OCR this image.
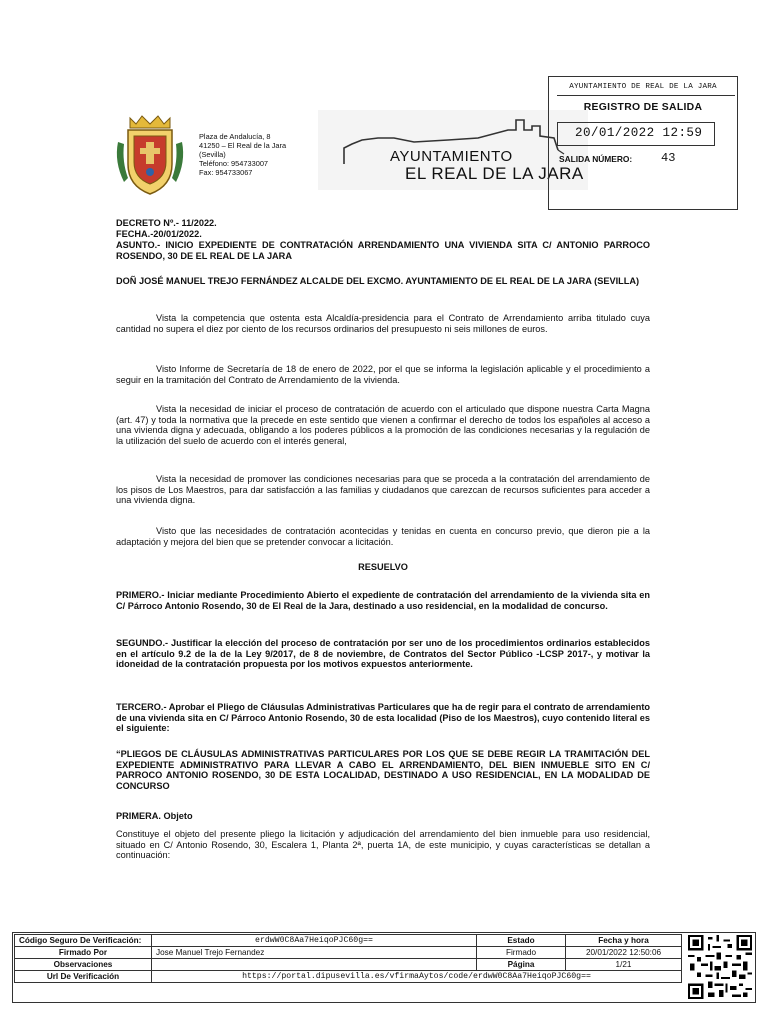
Plaza de Andalucía, 8
41250 – El Real de la Jara
(Sevilla)
Teléfono: 954733007
Fax: 954733067
AYUNTAMIENTO
EL REAL DE LA JARA
AYUNTAMIENTO DE REAL DE LA JARA
REGISTRO DE SALIDA
20/01/2022 12:59
SALIDA NÚMERO: 43
DECRETO Nº.- 11/2022.
FECHA.-20/01/2022.
ASUNTO.- INICIO EXPEDIENTE DE CONTRATACIÓN ARRENDAMIENTO UNA VIVIENDA SITA C/ ANTONIO PARROCO ROSENDO, 30 DE EL REAL DE LA JARA
DOÑ JOSÉ MANUEL TREJO FERNÁNDEZ ALCALDE DEL EXCMO. AYUNTAMIENTO DE EL REAL DE LA JARA (SEVILLA)
Vista la competencia que ostenta esta Alcaldía-presidencia para el Contrato de Arrendamiento arriba titulado cuya cantidad no supera el diez por ciento de los recursos ordinarios del presupuesto ni seis millones de euros.
Visto Informe de Secretaría de 18 de enero de 2022, por el que se informa la legislación aplicable y el procedimiento a seguir en la tramitación del Contrato de Arrendamiento de la vivienda.
Vista la necesidad de iniciar el proceso de contratación de acuerdo con el articulado que dispone nuestra Carta Magna (art. 47) y toda la normativa que la precede en este sentido que vienen a confirmar el derecho de todos los españoles al acceso a una vivienda digna y adecuada, obligando a los poderes públicos a la promoción de las condiciones necesarias y la regulación de la utilización del suelo de acuerdo con el interés general,
Vista la necesidad de promover las condiciones necesarias para que se proceda a la contratación del arrendamiento de los pisos de Los Maestros, para dar satisfacción a las familias y ciudadanos que carezcan de recursos suficientes para acceder a una vivienda digna.
Visto que las necesidades de contratación acontecidas y tenidas en cuenta en concurso previo, que dieron pie a la adaptación y mejora del bien que se pretender convocar a licitación.
RESUELVO
PRIMERO.- Iniciar mediante Procedimiento Abierto el expediente de contratación del arrendamiento de la vivienda sita en C/ Párroco Antonio Rosendo, 30 de El Real de la Jara, destinado a uso residencial, en la modalidad de concurso.
SEGUNDO.- Justificar la elección del proceso de contratación por ser uno de los procedimientos ordinarios establecidos en el artículo 9.2 de la de la Ley 9/2017, de 8 de noviembre, de Contratos del Sector Público -LCSP 2017-, y motivar la idoneidad de la contratación propuesta por los motivos expuestos anteriormente.
TERCERO.- Aprobar el Pliego de Cláusulas Administrativas Particulares que ha de regir para el contrato de arrendamiento de una vivienda sita en C/ Párroco Antonio Rosendo, 30 de esta localidad (Piso de los Maestros), cuyo contenido literal es el siguiente:
“PLIEGOS DE CLÁUSULAS ADMINISTRATIVAS PARTICULARES POR LOS QUE SE DEBE REGIR LA TRAMITACIÓN DEL EXPEDIENTE ADMINISTRATIVO PARA LLEVAR A CABO EL ARRENDAMIENTO, DEL BIEN INMUEBLE SITO EN C/ PARROCO ANTONIO ROSENDO, 30 DE ESTA LOCALIDAD, DESTINADO A USO RESIDENCIAL, EN LA MODALIDAD DE CONCURSO
PRIMERA. Objeto
Constituye el objeto del presente pliego la licitación y adjudicación del arrendamiento del bien inmueble para uso residencial, situado en C/ Antonio Rosendo, 30, Escalera 1, Planta 2ª, puerta 1A, de este municipio, y cuyas características se detallan a continuación:
Código Seguro De Verificación:	erdwW0C8Aa7HeiqoPJC60g==	Estado	Fecha y hora
Firmado Por	Jose Manuel Trejo Fernandez	Firmado	20/01/2022 12:50:06
Observaciones		Página	1/21
Url De Verificación	https://portal.dipusevilla.es/vfirmaAytos/code/erdwW0C8Aa7HeiqoPJC60g==		
